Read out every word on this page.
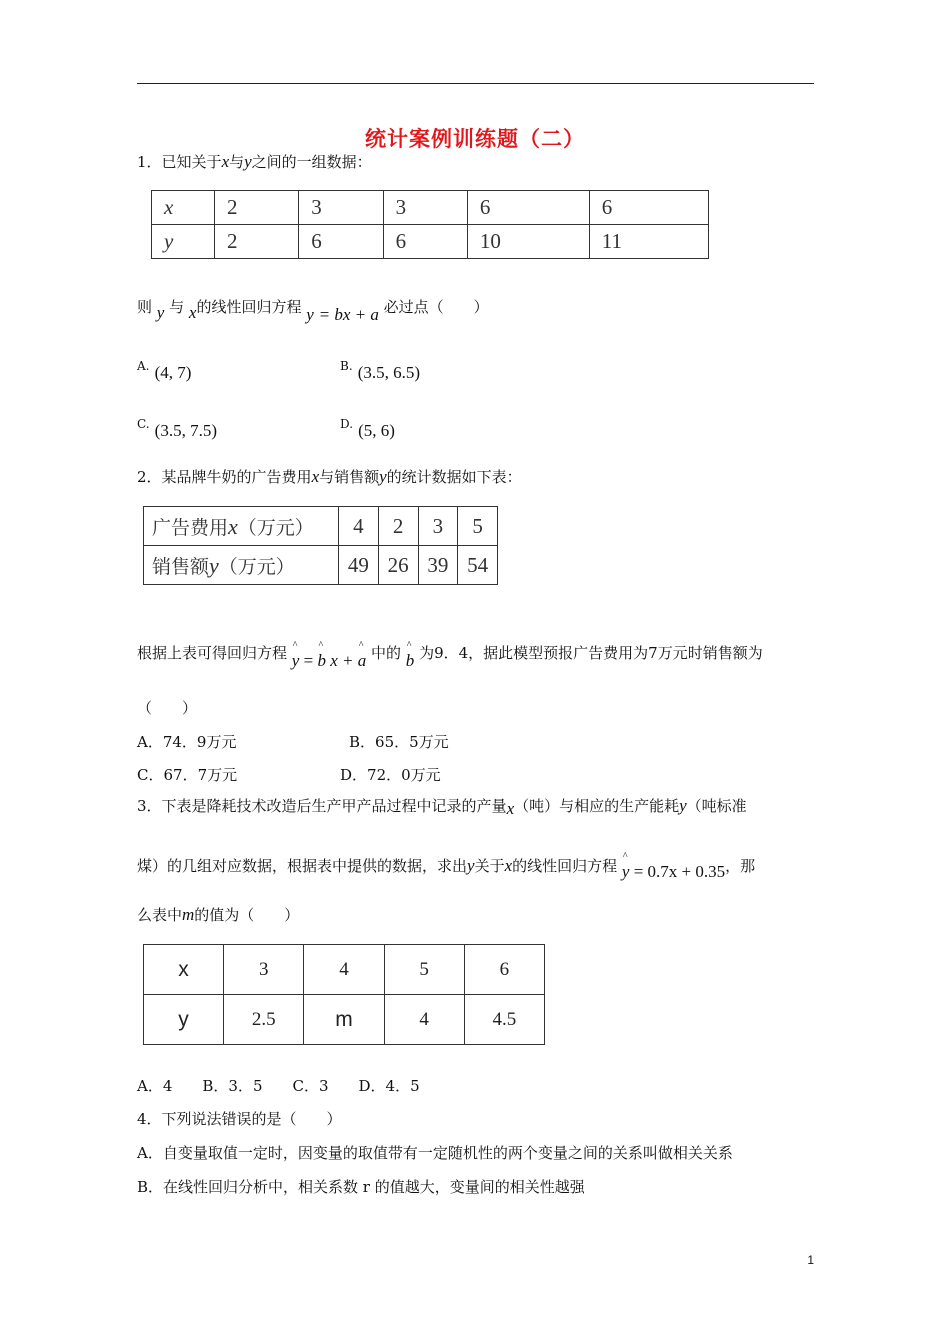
统计案例训练题（二）
1．已知关于x与y之间的一组数据：
x	2	3	3	6	6
y	2	6	6	10	11
则 y 与 x的线性回归方程 y = bx + a 必过点（　　）
A. (4, 7)	B. (3.5, 6.5)
C. (3.5, 7.5)	D. (5, 6)
2．某品牌牛奶的广告费用x与销售额y的统计数据如下表：
广告费用x（万元）	4	2	3	5
销售额y（万元）	49	26	39	54
根据上表可得回归方程 ^ y = ^ b x + ^ a 中的 ^ b 为9．4，据此模型预报广告费用为7万元时销售额为
（　　）
A．74．9万元	B．65．5万元
C．67．7万元	D．72．0万元
3．下表是降耗技术改造后生产甲产品过程中记录的产量x（吨）与相应的生产能耗y（吨标准
煤）的几组对应数据，根据表中提供的数据，求出y关于x的线性回归方程 ^ y = 0.7x + 0.35，那
么表中m的值为（　　）
x	3	4	5	6
y	2.5	m	4	4.5
A．4　　B．3．5　　C．3　　D．4．5
4．下列说法错误的是（　　）
A．自变量取值一定时，因变量的取值带有一定随机性的两个变量之间的关系叫做相关关系
B．在线性回归分析中，相关系数 r 的值越大，变量间的相关性越强
1
